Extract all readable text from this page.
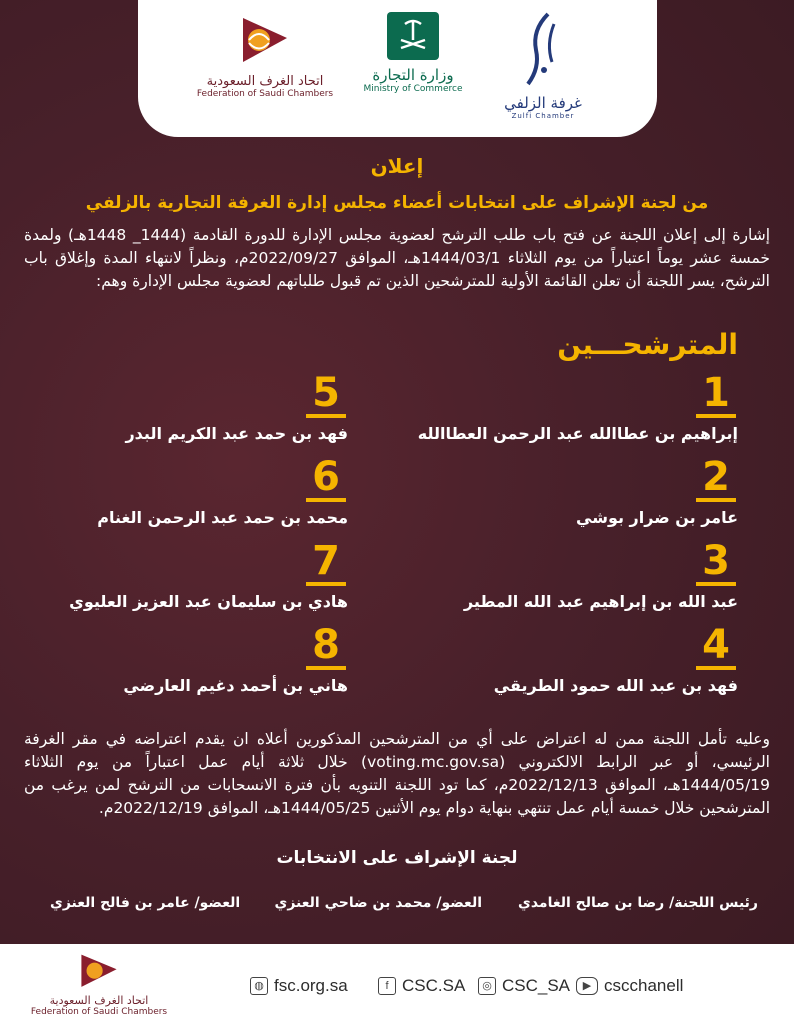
اتحاد الغرف السعودية
Federation of Saudi Chambers
وزارة التجارة
Ministry of Commerce
غرفة الزلفي
Zulfi Chamber
إعلان
من لجنة الإشراف على انتخابات أعضاء مجلس إدارة الغرفة التجارية بالزلفي
إشارة إلى إعلان اللجنة عن فتح باب طلب الترشح لعضوية مجلس الإدارة للدورة القادمة (1444_ 1448هـ) ولمدة خمسة عشر يوماً اعتباراً من يوم الثلاثاء 1444/03/1هـ، الموافق 2022/09/27م، ونظراً لانتهاء المدة وإغلاق باب الترشح، يسر اللجنة أن تعلن القائمة الأولية للمترشحين الذين تم قبول طلباتهم لعضوية مجلس الإدارة وهم:
المترشحـــين
1
إبراهيم بن عطاالله عبد الرحمن العطاالله
2
عامر بن ضرار بوشي
3
عبد الله بن إبراهيم عبد الله المطير
4
فهد بن عبد الله حمود الطريقي
5
فهد بن حمد عبد الكريم البدر
6
محمد بن حمد عبد الرحمن الغنام
7
هادي بن سليمان عبد العزيز العليوي
8
هاني بن أحمد دغيم العارضي
وعليه تأمل اللجنة ممن له اعتراض على أي من المترشحين المذكورين أعلاه ان يقدم اعتراضه في مقر الغرفة الرئيسي، أو عبر الرابط الالكتروني (voting.mc.gov.sa) خلال ثلاثة أيام عمل اعتباراً من يوم الثلاثاء 1444/05/19هـ، الموافق 2022/12/13م، كما تود اللجنة التنويه بأن فترة الانسحابات من الترشح لمن يرغب من المترشحين خلال خمسة أيام عمل تنتهي بنهاية دوام يوم الأثنين 1444/05/25هـ، الموافق 2022/12/19م.
لجنة الإشراف على الانتخابات
رئيس اللجنة/ رضا بن صالح الغامدي
العضو/ محمد بن ضاحي العنزي
العضو/ عامر بن فالح العنزي
اتحاد الغرف السعودية
Federation of Saudi Chambers
◍ fsc.org.sa	f CSC.SA	◎ CSC_SA	▶ cscchanell
